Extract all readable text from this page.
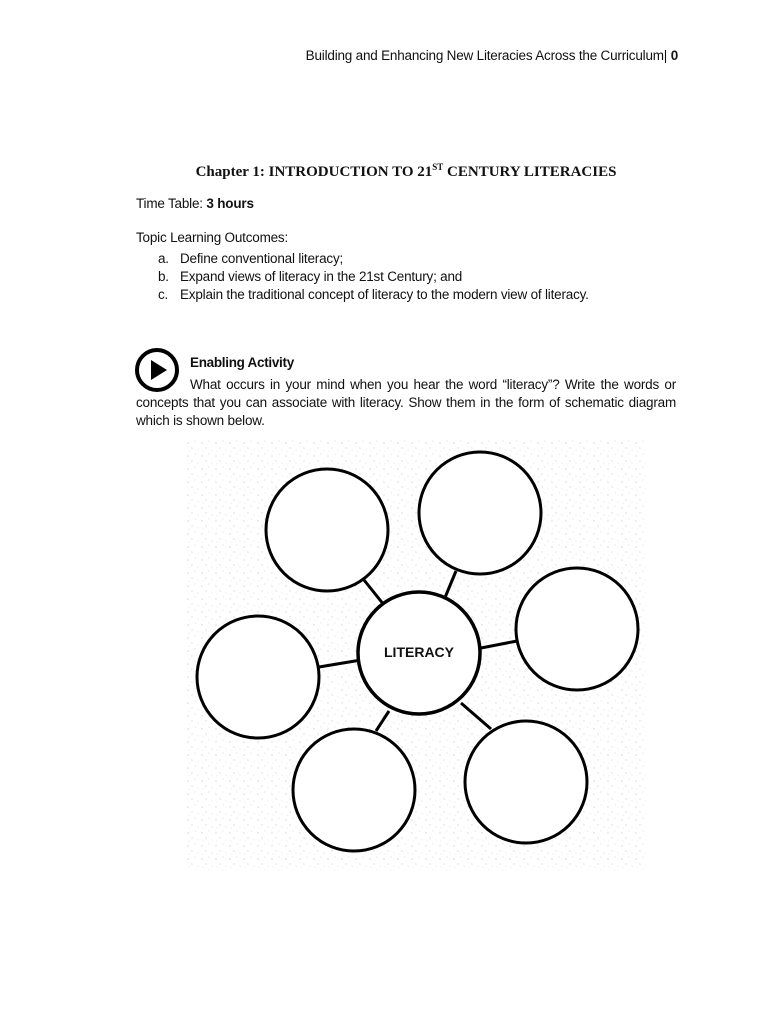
Building and Enhancing New Literacies Across the Curriculum| 0
Chapter 1: INTRODUCTION TO 21ST CENTURY LITERACIES
Time Table: 3 hours
Topic Learning Outcomes:
a. Define conventional literacy;
b. Expand views of literacy in the 21st Century; and
c. Explain the traditional concept of literacy to the modern view of literacy.
Enabling Activity

What occurs in your mind when you hear the word “literacy”? Write the words or concepts that you can associate with literacy. Show them in the form of schematic diagram which is shown below.

LITERACY
